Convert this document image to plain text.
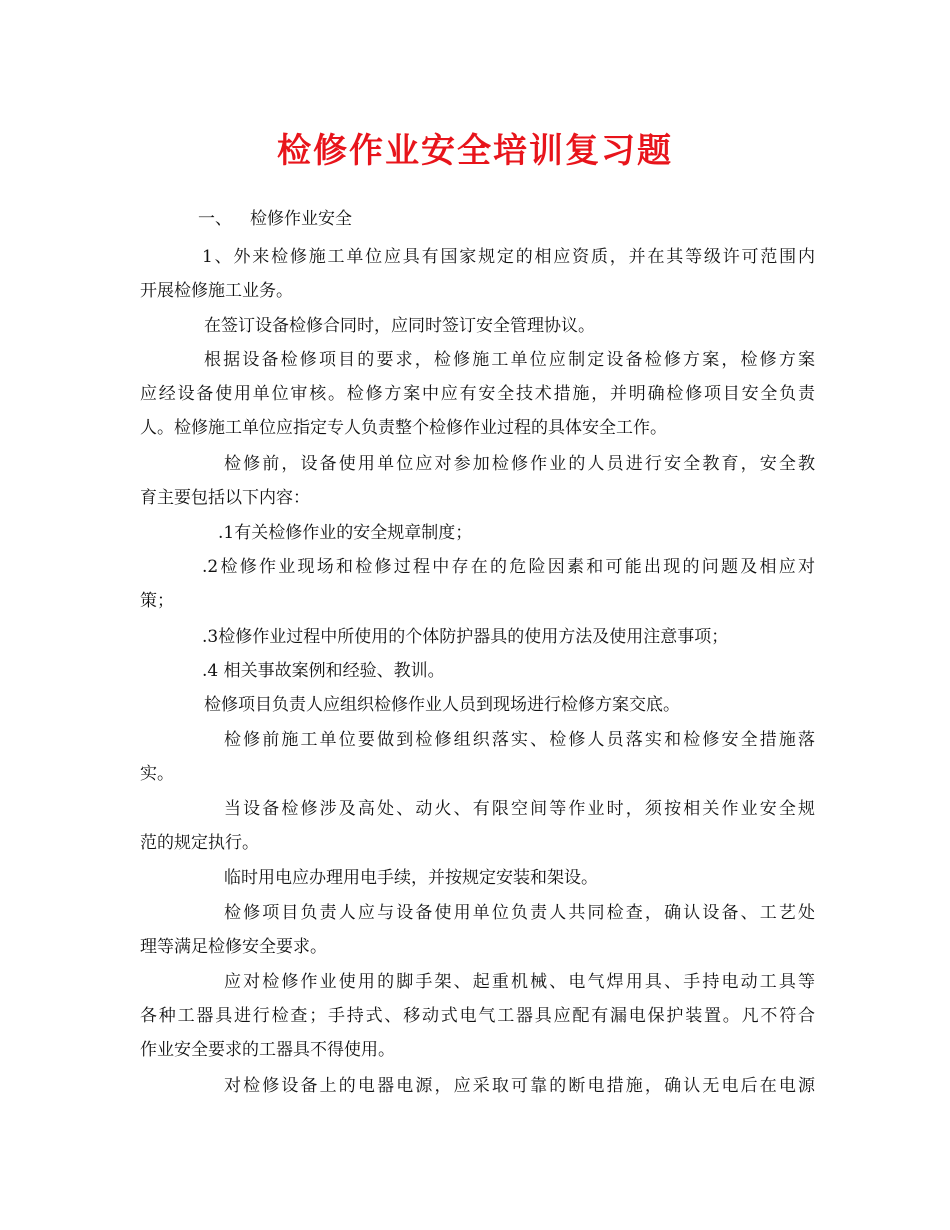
检修作业安全培训复习题
一、 检修作业安全
1、外来检修施工单位应具有国家规定的相应资质，并在其等级许可范围内
开展检修施工业务。
在签订设备检修合同时，应同时签订安全管理协议。
根据设备检修项目的要求，检修施工单位应制定设备检修方案，检修方案
应经设备使用单位审核。检修方案中应有安全技术措施，并明确检修项目安全负责
人。检修施工单位应指定专人负责整个检修作业过程的具体安全工作。
检修前，设备使用单位应对参加检修作业的人员进行安全教育，安全教
育主要包括以下内容：
.1有关检修作业的安全规章制度；
.2检修作业现场和检修过程中存在的危险因素和可能出现的问题及相应对
策；
.3检修作业过程中所使用的个体防护器具的使用方法及使用注意事项；
.4 相关事故案例和经验、教训。
检修项目负责人应组织检修作业人员到现场进行检修方案交底。
检修前施工单位要做到检修组织落实、检修人员落实和检修安全措施落
实。
当设备检修涉及高处、动火、有限空间等作业时，须按相关作业安全规
范的规定执行。
临时用电应办理用电手续，并按规定安装和架设。
检修项目负责人应与设备使用单位负责人共同检查，确认设备、工艺处
理等满足检修安全要求。
应对检修作业使用的脚手架、起重机械、电气焊用具、手持电动工具等
各种工器具进行检查；手持式、移动式电气工器具应配有漏电保护装置。凡不符合
作业安全要求的工器具不得使用。
对检修设备上的电器电源，应采取可靠的断电措施，确认无电后在电源
